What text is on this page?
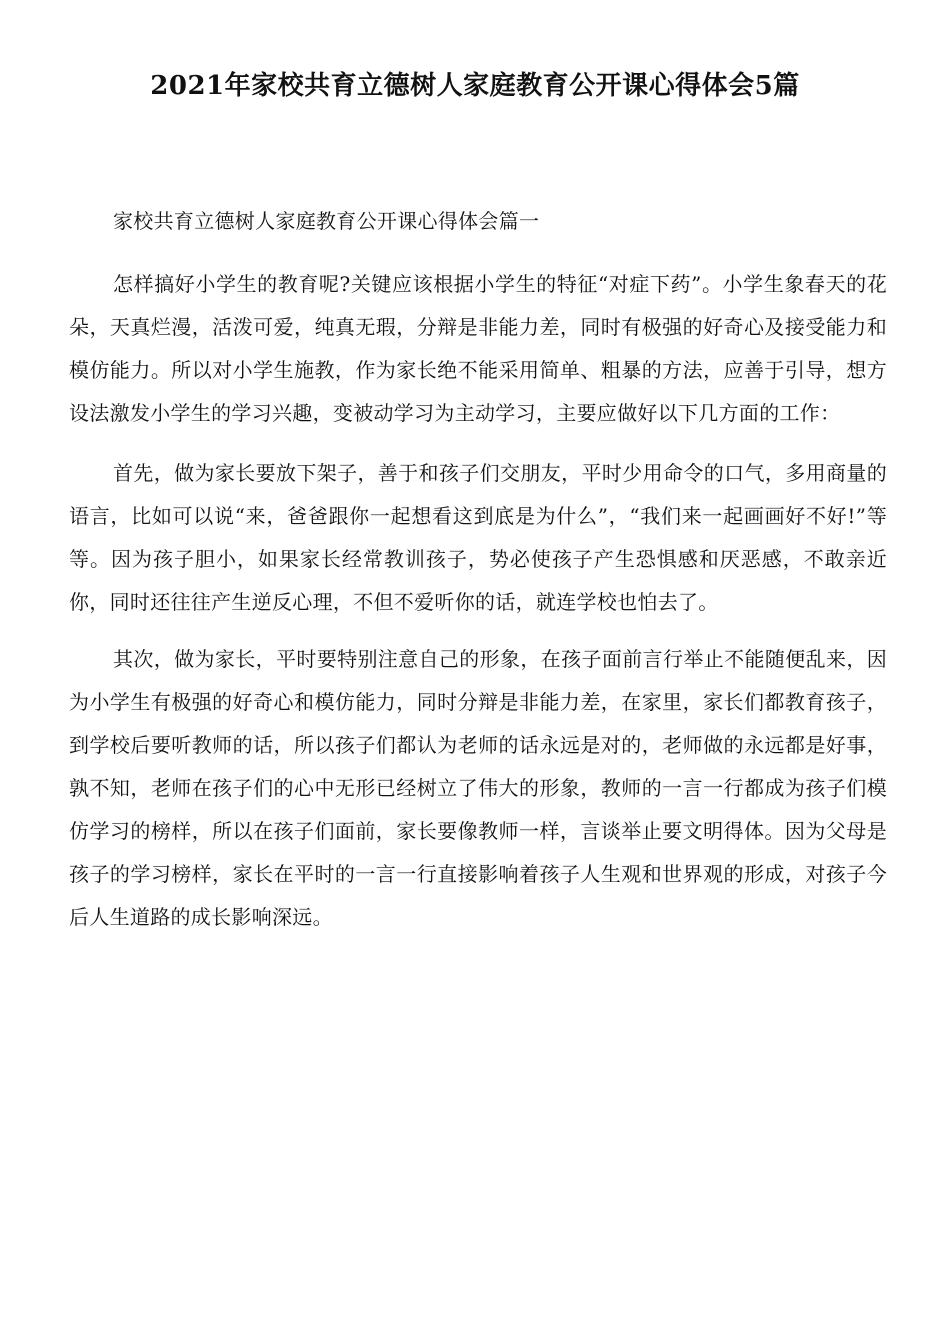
2021年家校共育立德树人家庭教育公开课心得体会5篇

家校共育立德树人家庭教育公开课心得体会篇一

怎样搞好小学生的教育呢?关键应该根据小学生的特征“对症下药”。小学生象春天的花朵，天真烂漫，活泼可爱，纯真无瑕，分辩是非能力差，同时有极强的好奇心及接受能力和模仿能力。所以对小学生施教，作为家长绝不能采用简单、粗暴的方法，应善于引导，想方设法激发小学生的学习兴趣，变被动学习为主动学习，主要应做好以下几方面的工作：

首先，做为家长要放下架子，善于和孩子们交朋友，平时少用命令的口气，多用商量的语言，比如可以说“来，爸爸跟你一起想看这到底是为什么”，“我们来一起画画好不好!”等等。因为孩子胆小，如果家长经常教训孩子，势必使孩子产生恐惧感和厌恶感，不敢亲近你，同时还往往产生逆反心理，不但不爱听你的话，就连学校也怕去了。

其次，做为家长，平时要特别注意自己的形象，在孩子面前言行举止不能随便乱来，因为小学生有极强的好奇心和模仿能力，同时分辩是非能力差，在家里，家长们都教育孩子，到学校后要听教师的话，所以孩子们都认为老师的话永远是对的，老师做的永远都是好事，孰不知，老师在孩子们的心中无形已经树立了伟大的形象，教师的一言一行都成为孩子们模仿学习的榜样，所以在孩子们面前，家长要像教师一样，言谈举止要文明得体。因为父母是孩子的学习榜样，家长在平时的一言一行直接影响着孩子人生观和世界观的形成，对孩子今后人生道路的成长影响深远。
